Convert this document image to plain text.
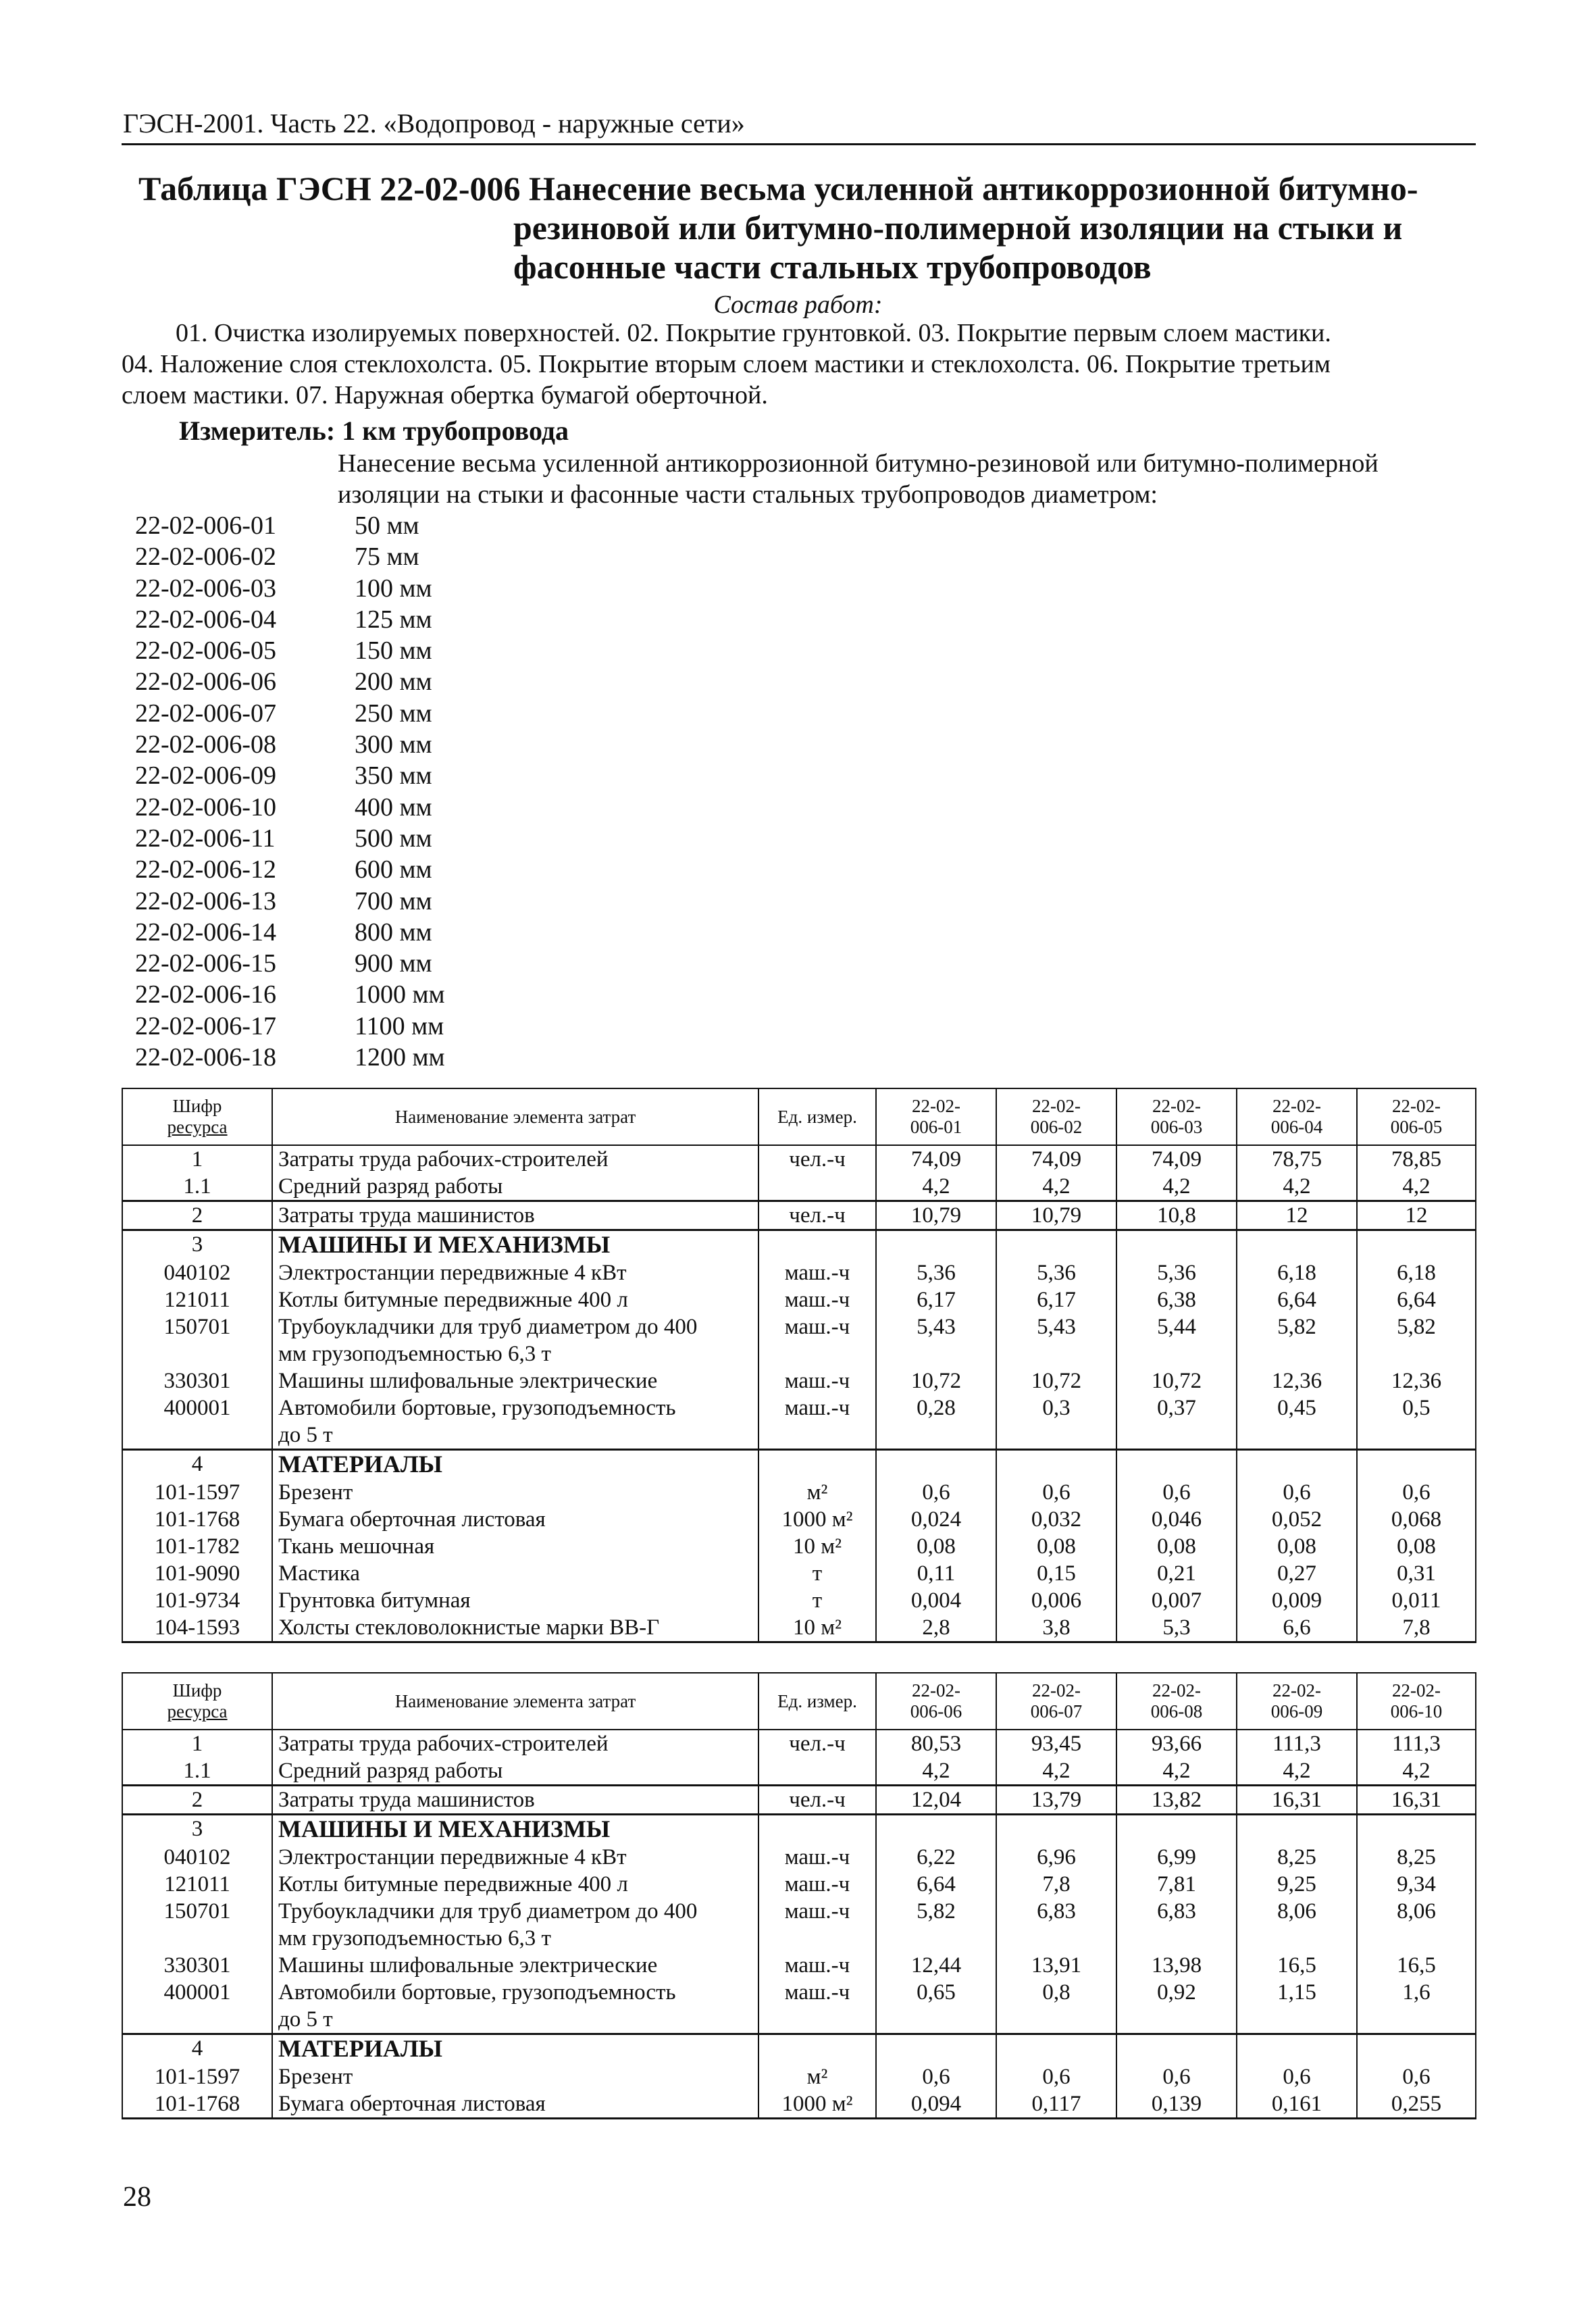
ГЭСН-2001. Часть 22. «Водопровод - наружные сети»
Таблица ГЭСН 22-02-006 Нанесение весьма усиленной антикоррозионной битумно-
резиновой или битумно-полимерной изоляции на стыки и
фасонные части стальных трубопроводов
Состав работ:
01. Очистка изолируемых поверхностей. 02. Покрытие грунтовкой. 03. Покрытие первым слоем мастики.
04. Наложение слоя стеклохолста. 05. Покрытие вторым слоем мастики и стеклохолста. 06. Покрытие третьим
слоем мастики. 07. Наружная обертка бумагой оберточной.
Измеритель: 1 км трубопровода
Нанесение весьма усиленной антикоррозионной битумно-резиновой или битумно-полимерной
изоляции на стыки и фасонные части стальных трубопроводов диаметром:
22-02-006-01	50 мм
22-02-006-02	75 мм
22-02-006-03	100 мм
22-02-006-04	125 мм
22-02-006-05	150 мм
22-02-006-06	200 мм
22-02-006-07	250 мм
22-02-006-08	300 мм
22-02-006-09	350 мм
22-02-006-10	400 мм
22-02-006-11	500 мм
22-02-006-12	600 мм
22-02-006-13	700 мм
22-02-006-14	800 мм
22-02-006-15	900 мм
22-02-006-16	1000 мм
22-02-006-17	1100 мм
22-02-006-18	1200 мм
Шифр
ресурса	Наименование элемента затрат	Ед. измер.	22-02-
006-01	22-02-
006-02	22-02-
006-03	22-02-
006-04	22-02-
006-05
1	Затраты труда рабочих-строителей	чел.-ч	74,09	74,09	74,09	78,75	78,85
1.1	Средний разряд работы		4,2	4,2	4,2	4,2	4,2
2	Затраты труда машинистов	чел.-ч	10,79	10,79	10,8	12	12
3	МАШИНЫ И МЕХАНИЗМЫ						
040102	Электростанции передвижные 4 кВт	маш.-ч	5,36	5,36	5,36	6,18	6,18
121011	Котлы битумные передвижные 400 л	маш.-ч	6,17	6,17	6,38	6,64	6,64
150701	Трубоукладчики для труб диаметром до 400
мм грузоподъемностью 6,3 т	маш.-ч	5,43	5,43	5,44	5,82	5,82
330301	Машины шлифовальные электрические	маш.-ч	10,72	10,72	10,72	12,36	12,36
400001	Автомобили бортовые, грузоподъемность
до 5 т	маш.-ч	0,28	0,3	0,37	0,45	0,5
4	МАТЕРИАЛЫ						
101-1597	Брезент	м²	0,6	0,6	0,6	0,6	0,6
101-1768	Бумага оберточная листовая	1000 м²	0,024	0,032	0,046	0,052	0,068
101-1782	Ткань мешочная	10 м²	0,08	0,08	0,08	0,08	0,08
101-9090	Мастика	т	0,11	0,15	0,21	0,27	0,31
101-9734	Грунтовка битумная	т	0,004	0,006	0,007	0,009	0,011
104-1593	Холсты стекловолокнистые марки ВВ-Г	10 м²	2,8	3,8	5,3	6,6	7,8
Шифр
ресурса	Наименование элемента затрат	Ед. измер.	22-02-
006-06	22-02-
006-07	22-02-
006-08	22-02-
006-09	22-02-
006-10
1	Затраты труда рабочих-строителей	чел.-ч	80,53	93,45	93,66	111,3	111,3
1.1	Средний разряд работы		4,2	4,2	4,2	4,2	4,2
2	Затраты труда машинистов	чел.-ч	12,04	13,79	13,82	16,31	16,31
3	МАШИНЫ И МЕХАНИЗМЫ						
040102	Электростанции передвижные 4 кВт	маш.-ч	6,22	6,96	6,99	8,25	8,25
121011	Котлы битумные передвижные 400 л	маш.-ч	6,64	7,8	7,81	9,25	9,34
150701	Трубоукладчики для труб диаметром до 400
мм грузоподъемностью 6,3 т	маш.-ч	5,82	6,83	6,83	8,06	8,06
330301	Машины шлифовальные электрические	маш.-ч	12,44	13,91	13,98	16,5	16,5
400001	Автомобили бортовые, грузоподъемность
до 5 т	маш.-ч	0,65	0,8	0,92	1,15	1,6
4	МАТЕРИАЛЫ						
101-1597	Брезент	м²	0,6	0,6	0,6	0,6	0,6
101-1768	Бумага оберточная листовая	1000 м²	0,094	0,117	0,139	0,161	0,255
28
